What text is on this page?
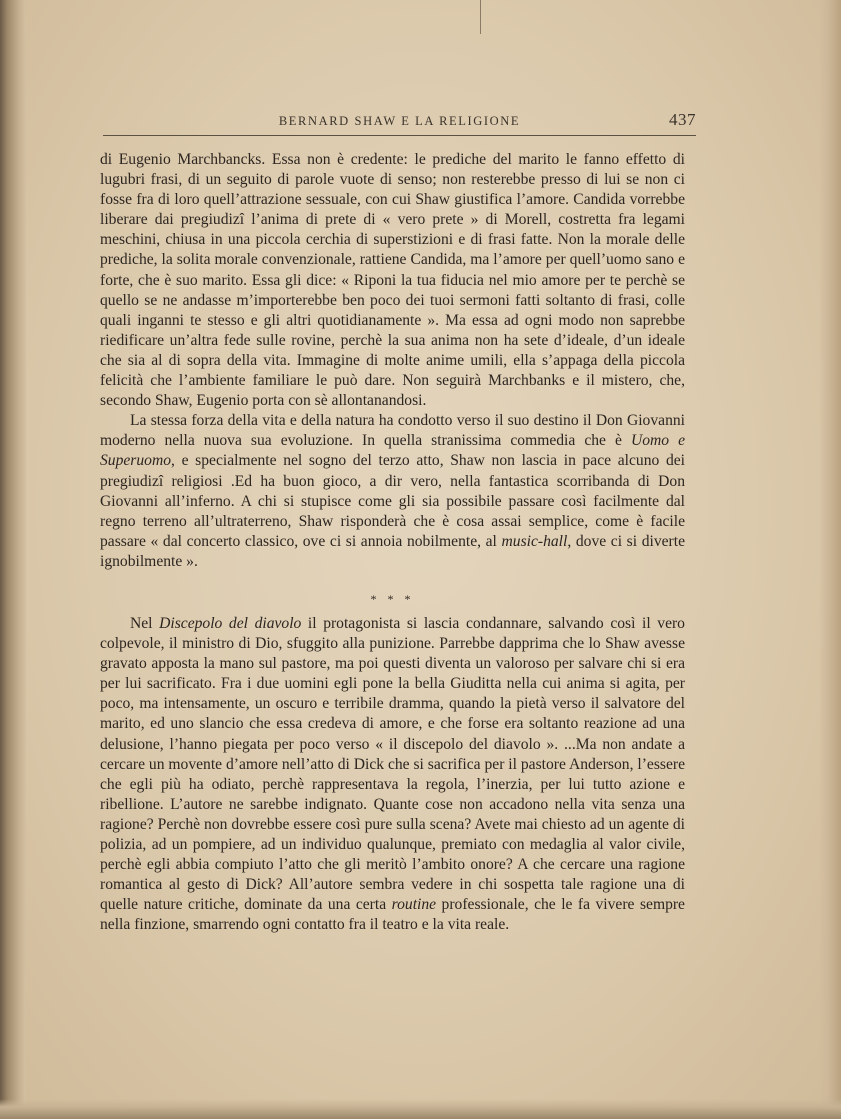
BERNARD SHAW E LA RELIGIONE	437

di Eugenio Marchbancks. Essa non è credente: le prediche del marito le fanno effetto di lugubri frasi, di un seguito di parole vuote di senso; non resterebbe presso di lui se non ci fosse fra di loro quell’attrazione sessuale, con cui Shaw giustifica l’amore. Candida vorrebbe liberare dai pregiudizî l’anima di prete di « vero prete » di Morell, costretta fra legami meschini, chiusa in una piccola cerchia di superstizioni e di frasi fatte. Non la morale delle prediche, la solita morale convenzionale, rattiene Candida, ma l’amore per quell’uomo sano e forte, che è suo marito. Essa gli dice: « Riponi la tua fiducia nel mio amore per te perchè se quello se ne andasse m’importerebbe ben poco dei tuoi sermoni fatti soltanto di frasi, colle quali inganni te stesso e gli altri quotidianamente ». Ma essa ad ogni modo non saprebbe riedificare un’altra fede sulle rovine, perchè la sua anima non ha sete d’ideale, d’un ideale che sia al di sopra della vita. Immagine di molte anime umili, ella s’appaga della piccola felicità che l’ambiente familiare le può dare. Non seguirà Marchbanks e il mistero, che, secondo Shaw, Eugenio porta con sè allontanandosi.

La stessa forza della vita e della natura ha condotto verso il suo destino il Don Giovanni moderno nella nuova sua evoluzione. In quella stranissima commedia che è Uomo e Superuomo, e specialmente nel sogno del terzo atto, Shaw non lascia in pace alcuno dei pregiudizî religiosi .Ed ha buon gioco, a dir vero, nella fantastica scorribanda di Don Giovanni all’inferno. A chi si stupisce come gli sia possibile passare così facilmente dal regno terreno all’ultraterreno, Shaw risponderà che è cosa assai semplice, come è facile passare « dal concerto classico, ove ci si annoia nobilmente, al music-hall, dove ci si diverte ignobilmente ».

* * *

Nel Discepolo del diavolo il protagonista si lascia condannare, salvando così il vero colpevole, il ministro di Dio, sfuggito alla punizione. Parrebbe dapprima che lo Shaw avesse gravato apposta la mano sul pastore, ma poi questi diventa un valoroso per salvare chi si era per lui sacrificato. Fra i due uomini egli pone la bella Giuditta nella cui anima si agita, per poco, ma intensamente, un oscuro e terribile dramma, quando la pietà verso il salvatore del marito, ed uno slancio che essa credeva di amore, e che forse era soltanto reazione ad una delusione, l’hanno piegata per poco verso « il discepolo del diavolo ». ...Ma non andate a cercare un movente d’amore nell’atto di Dick che si sacrifica per il pastore Anderson, l’essere che egli più ha odiato, perchè rappresentava la regola, l’inerzia, per lui tutto azione e ribellione. L’autore ne sarebbe indignato. Quante cose non accadono nella vita senza una ragione? Perchè non dovrebbe essere così pure sulla scena? Avete mai chiesto ad un agente di polizia, ad un pompiere, ad un individuo qualunque, premiato con medaglia al valor civile, perchè egli abbia compiuto l’atto che gli meritò l’ambito onore? A che cercare una ragione romantica al gesto di Dick? All’autore sembra vedere in chi sospetta tale ragione una di quelle nature critiche, dominate da una certa routine professionale, che le fa vivere sempre nella finzione, smarrendo ogni contatto fra il teatro e la vita reale.
